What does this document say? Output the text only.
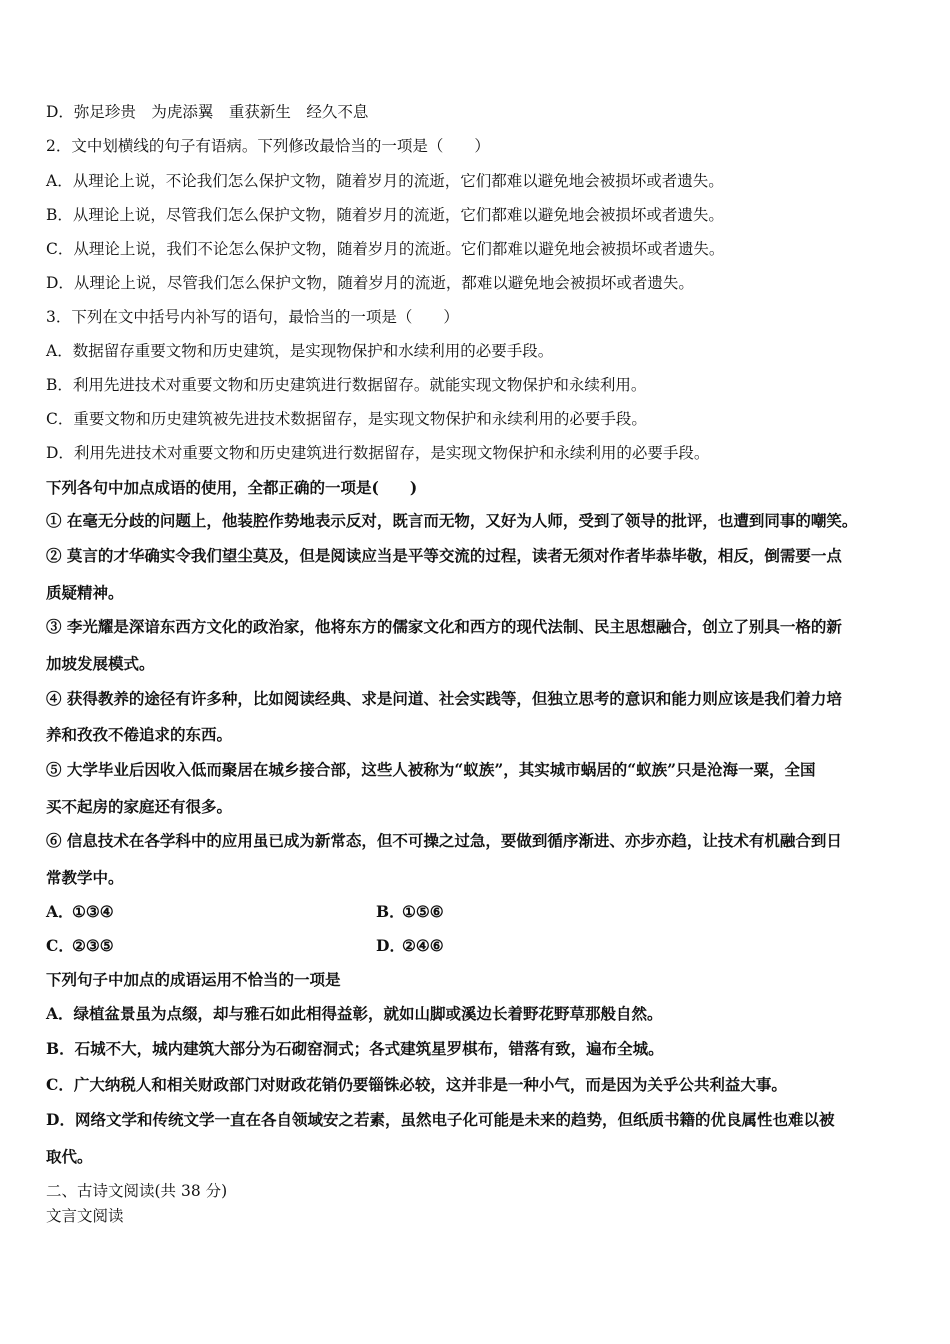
D．弥足珍贵　为虎添翼　重获新生　经久不息
2．文中划横线的句子有语病。下列修改最恰当的一项是（　　）
A．从理论上说，不论我们怎么保护文物，随着岁月的流逝，它们都难以避免地会被损坏或者遗失。
B．从理论上说，尽管我们怎么保护文物，随着岁月的流逝，它们都难以避免地会被损坏或者遗失。
C．从理论上说，我们不论怎么保护文物，随着岁月的流逝。它们都难以避免地会被损坏或者遗失。
D．从理论上说，尽管我们怎么保护文物，随着岁月的流逝，都难以避免地会被损坏或者遗失。
3．下列在文中括号内补写的语句，最恰当的一项是（　　）
A．数据留存重要文物和历史建筑，是实现物保护和水续利用的必要手段。
B．利用先进技术对重要文物和历史建筑进行数据留存。就能实现文物保护和永续利用。
C．重要文物和历史建筑被先进技术数据留存，是实现文物保护和永续利用的必要手段。
D．利用先进技术对重要文物和历史建筑进行数据留存，是实现文物保护和永续利用的必要手段。
下列各句中加点成语的使用，全都正确的一项是(　　)
① 在毫无分歧的问题上，他装腔作势地表示反对，既言而无物，又好为人师，受到了领导的批评，也遭到同事的嘲笑。
② 莫言的才华确实令我们望尘莫及，但是阅读应当是平等交流的过程，读者无须对作者毕恭毕敬，相反，倒需要一点
质疑精神。
③ 李光耀是深谙东西方文化的政治家，他将东方的儒家文化和西方的现代法制、民主思想融合，创立了别具一格的新
加坡发展模式。
④ 获得教养的途径有许多种，比如阅读经典、求是问道、社会实践等，但独立思考的意识和能力则应该是我们着力培
养和孜孜不倦追求的东西。
⑤ 大学毕业后因收入低而聚居在城乡接合部，这些人被称为“蚁族”，其实城市蜗居的“蚁族”只是沧海一粟，全国
买不起房的家庭还有很多。
⑥ 信息技术在各学科中的应用虽已成为新常态，但不可操之过急，要做到循序渐进、亦步亦趋，让技术有机融合到日
常教学中。
A．①③④	B．①⑤⑥
C．②③⑤	D．②④⑥
下列句子中加点的成语运用不恰当的一项是
A．绿植盆景虽为点缀，却与雅石如此相得益彰，就如山脚或溪边长着野花野草那般自然。
B．石城不大，城内建筑大部分为石砌窑洞式；各式建筑星罗棋布，错落有致，遍布全城。
C．广大纳税人和相关财政部门对财政花销仍要锱铢必较，这并非是一种小气，而是因为关乎公共利益大事。
D．网络文学和传统文学一直在各自领域安之若素，虽然电子化可能是未来的趋势，但纸质书籍的优良属性也难以被
取代。
二、古诗文阅读(共 38 分)
文言文阅读
